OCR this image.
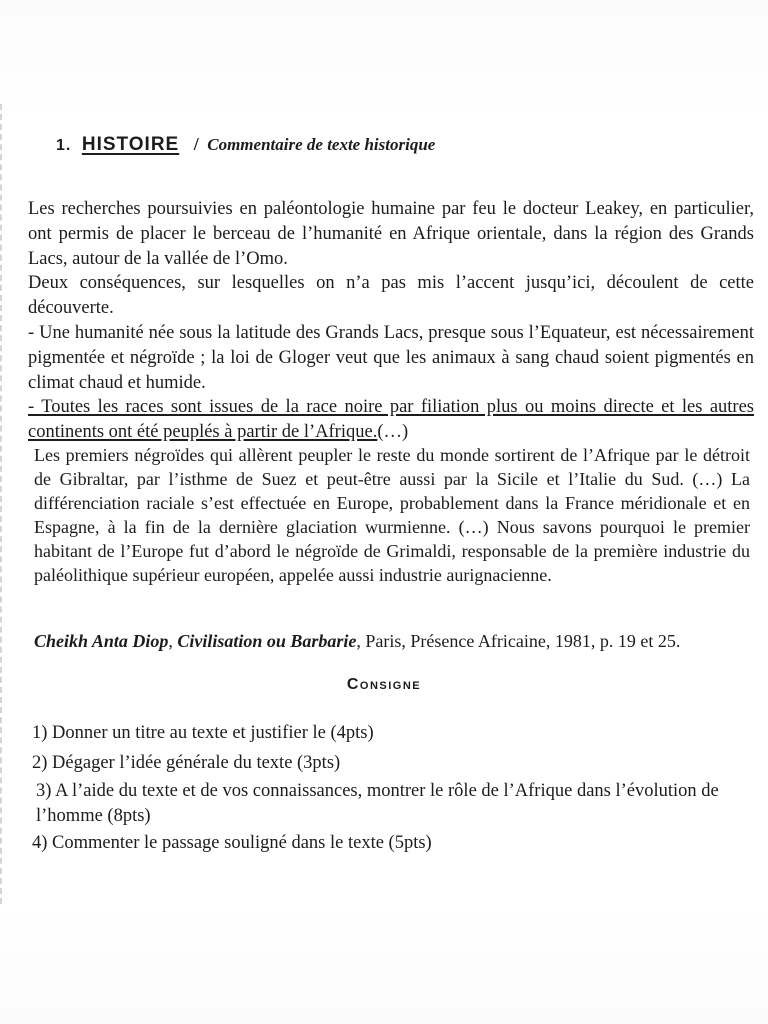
1. HISTOIRE / Commentaire de texte historique
Les recherches poursuivies en paléontologie humaine par feu le docteur Leakey, en particulier, ont permis de placer le berceau de l’humanité en Afrique orientale, dans la région des Grands Lacs, autour de la vallée de l’Omo.
Deux conséquences, sur lesquelles on n’a pas mis l’accent jusqu’ici, découlent de cette découverte.
- Une humanité née sous la latitude des Grands Lacs, presque sous l’Equateur, est nécessairement pigmentée et négroïde ; la loi de Gloger veut que les animaux à sang chaud soient pigmentés en climat chaud et humide.
- Toutes les races sont issues de la race noire par filiation plus ou moins directe et les autres continents ont été peuplés à partir de l’Afrique.(…)
Les premiers négroïdes qui allèrent peupler le reste du monde sortirent de l’Afrique par le détroit de Gibraltar, par l’isthme de Suez et peut-être aussi par la Sicile et l’Italie du Sud. (…) La différenciation raciale s’est effectuée en Europe, probablement dans la France méridionale et en Espagne, à la fin de la dernière glaciation wurmienne. (…) Nous savons pourquoi le premier habitant de l’Europe fut d’abord le négroïde de Grimaldi, responsable de la première industrie du paléolithique supérieur européen, appelée aussi industrie aurignacienne.
Cheikh Anta Diop, Civilisation ou Barbarie, Paris, Présence Africaine, 1981, p. 19 et 25.
Consigne
1) Donner un titre au texte et justifier le (4pts)
2) Dégager l’idée générale du texte (3pts)
3) A l’aide du texte et de vos connaissances, montrer le rôle de l’Afrique dans l’évolution de l’homme (8pts)
4) Commenter le passage souligné dans le texte (5pts)
